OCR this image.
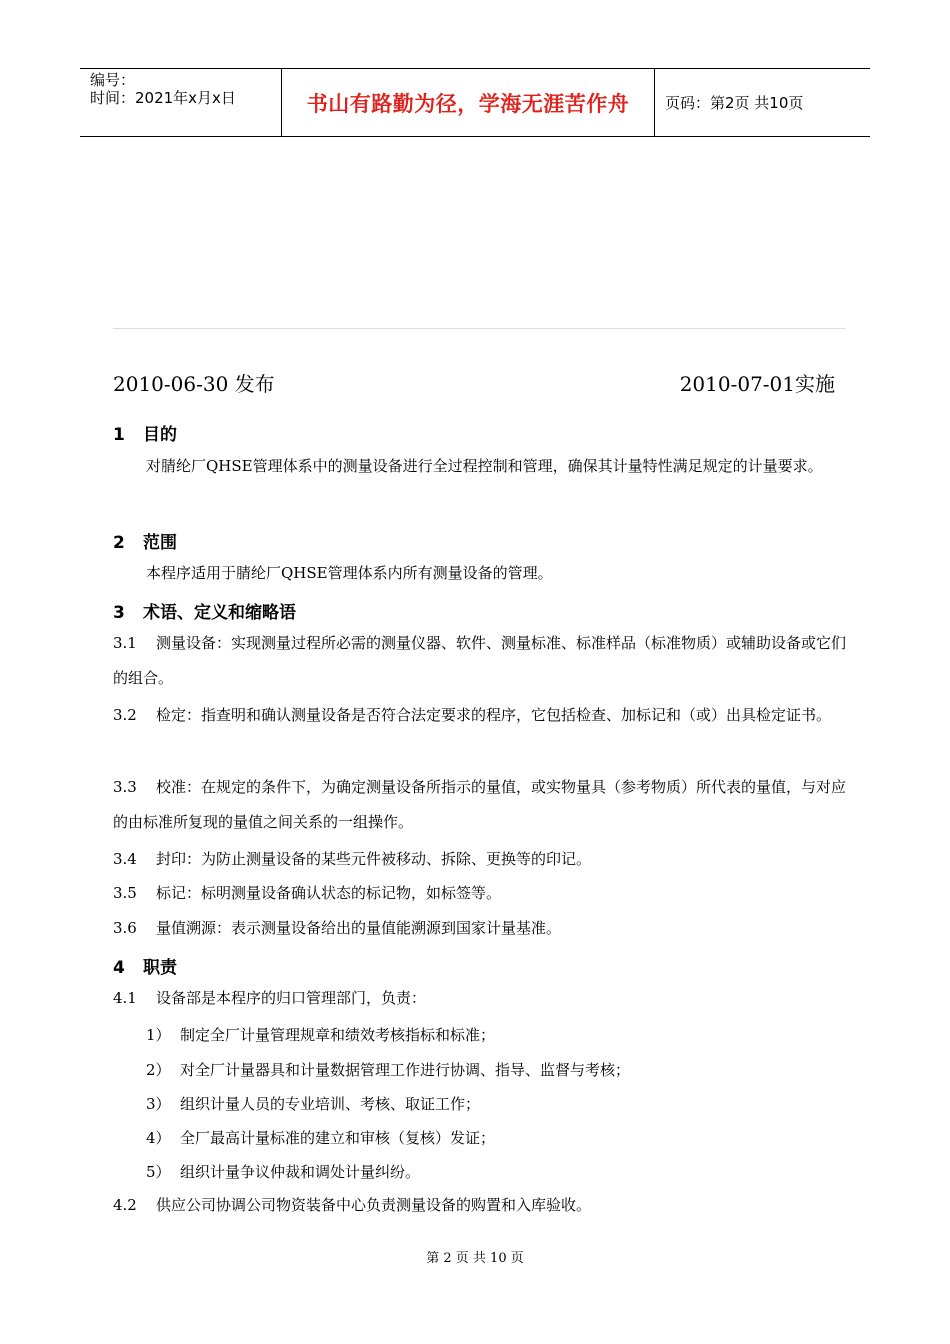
编号：
时间：2021年x月x日	书山有路勤为径，学海无涯苦作舟	页码：第2页 共10页
2010-06-30 发布	2010-07-01实施
1 目的
对腈纶厂QHSE管理体系中的测量设备进行全过程控制和管理，确保其计量特性满足规定的计量要求。
2 范围
本程序适用于腈纶厂QHSE管理体系内所有测量设备的管理。
3 术语、定义和缩略语
3.1 测量设备：实现测量过程所必需的测量仪器、软件、测量标准、标准样品（标准物质）或辅助设备或它们的组合。
3.2 检定：指查明和确认测量设备是否符合法定要求的程序，它包括检查、加标记和（或）出具检定证书。
3.3 校准：在规定的条件下，为确定测量设备所指示的量值，或实物量具（参考物质）所代表的量值，与对应的由标准所复现的量值之间关系的一组操作。
3.4 封印：为防止测量设备的某些元件被移动、拆除、更换等的印记。
3.5 标记：标明测量设备确认状态的标记物，如标签等。
3.6 量值溯源：表示测量设备给出的量值能溯源到国家计量基准。
4 职责
4.1 设备部是本程序的归口管理部门，负责：
1） 制定全厂计量管理规章和绩效考核指标和标准；
2） 对全厂计量器具和计量数据管理工作进行协调、指导、监督与考核；
3） 组织计量人员的专业培训、考核、取证工作；
4） 全厂最高计量标准的建立和审核（复核）发证；
5） 组织计量争议仲裁和调处计量纠纷。
4.2 供应公司协调公司物资装备中心负责测量设备的购置和入库验收。
第 2 页 共 10 页
